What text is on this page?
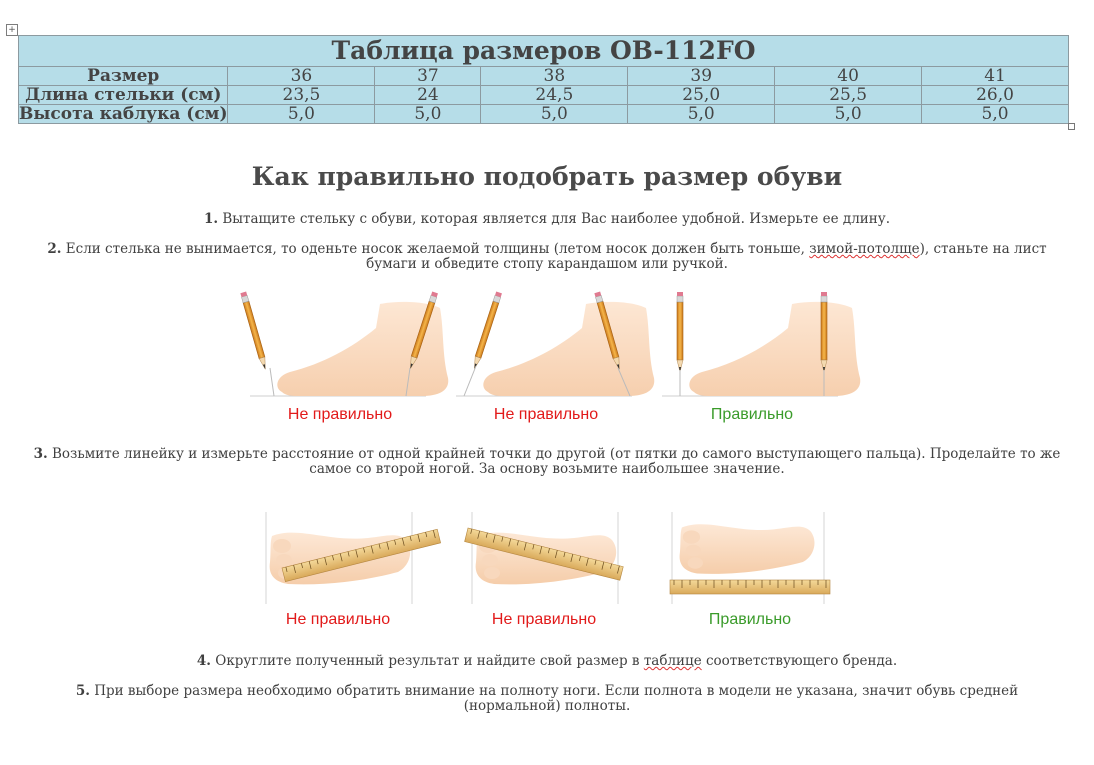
+
Таблица размеров OB-112FO						
Размер	36	37	38	39	40	41
Длина стельки (см)	23,5	24	24,5	25,0	25,5	26,0
Высота каблука (см)	5,0	5,0	5,0	5,0	5,0	5,0
Как правильно подобрать размер обуви
1. Вытащите стельку с обуви, которая является для Вас наиболее удобной. Измерьте ее длину.
2. Если стелька не вынимается, то оденьте носок желаемой толщины (летом носок должен быть тоньше, зимой-потолще), станьте на лист бумаги и обведите стопу карандашом или ручкой.
Не правильно	Не правильно	Правильно
3. Возьмите линейку и измерьте расстояние от одной крайней точки до другой (от пятки до самого выступающего пальца). Проделайте то же самое со второй ногой. За основу возьмите наибольшее значение.
Не правильно	Не правильно	Правильно
4. Округлите полученный результат и найдите свой размер в таблице соответствующего бренда.
5. При выборе размера необходимо обратить внимание на полноту ноги. Если полнота в модели не указана, значит обувь средней (нормальной) полноты.
